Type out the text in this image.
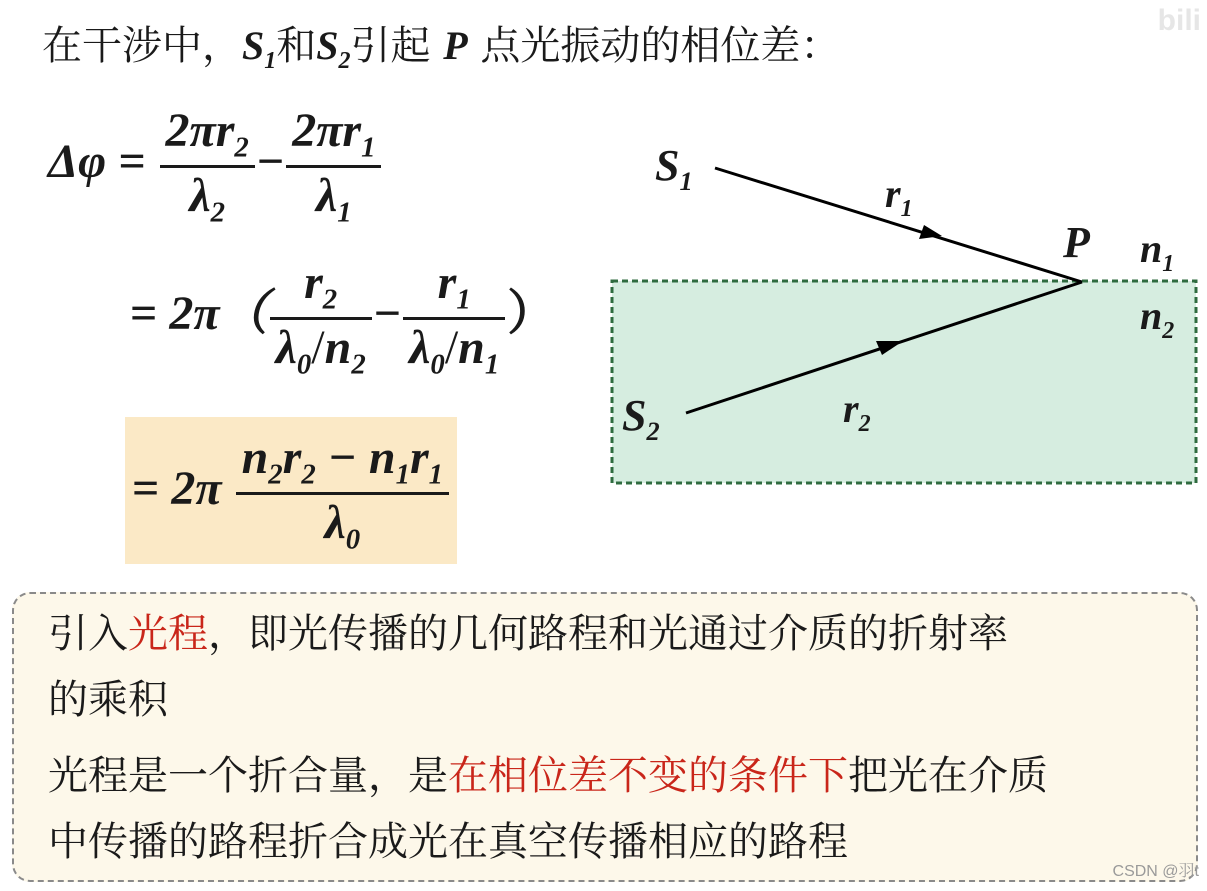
bili
在干涉中，$S_1$和$S_2$引起 P 点光振动的相位差：
$\Delta\varphi = \frac{2\pi r_2}{\lambda_2} - \frac{2\pi r_1}{\lambda_1}$
= $2\pi( \frac{r_2}{\lambda_0/n_2} - \frac{r_1}{\lambda_0/n_1}$ ）
= $2\pi \frac{n_2r_2 - n_1r_1}{\lambda_0}$
$S_1$
$S_2$
$r_1$
$r_2$
P $n_1$
$n_2$

引入光程，即光传播的几何路程和光通过介质的折射率

的乘积

光程是一个折合量，是在相位差不变的条件下把光在介质

中传播的路程折合成光在真空传播相应的路程

CSDN @羽t
